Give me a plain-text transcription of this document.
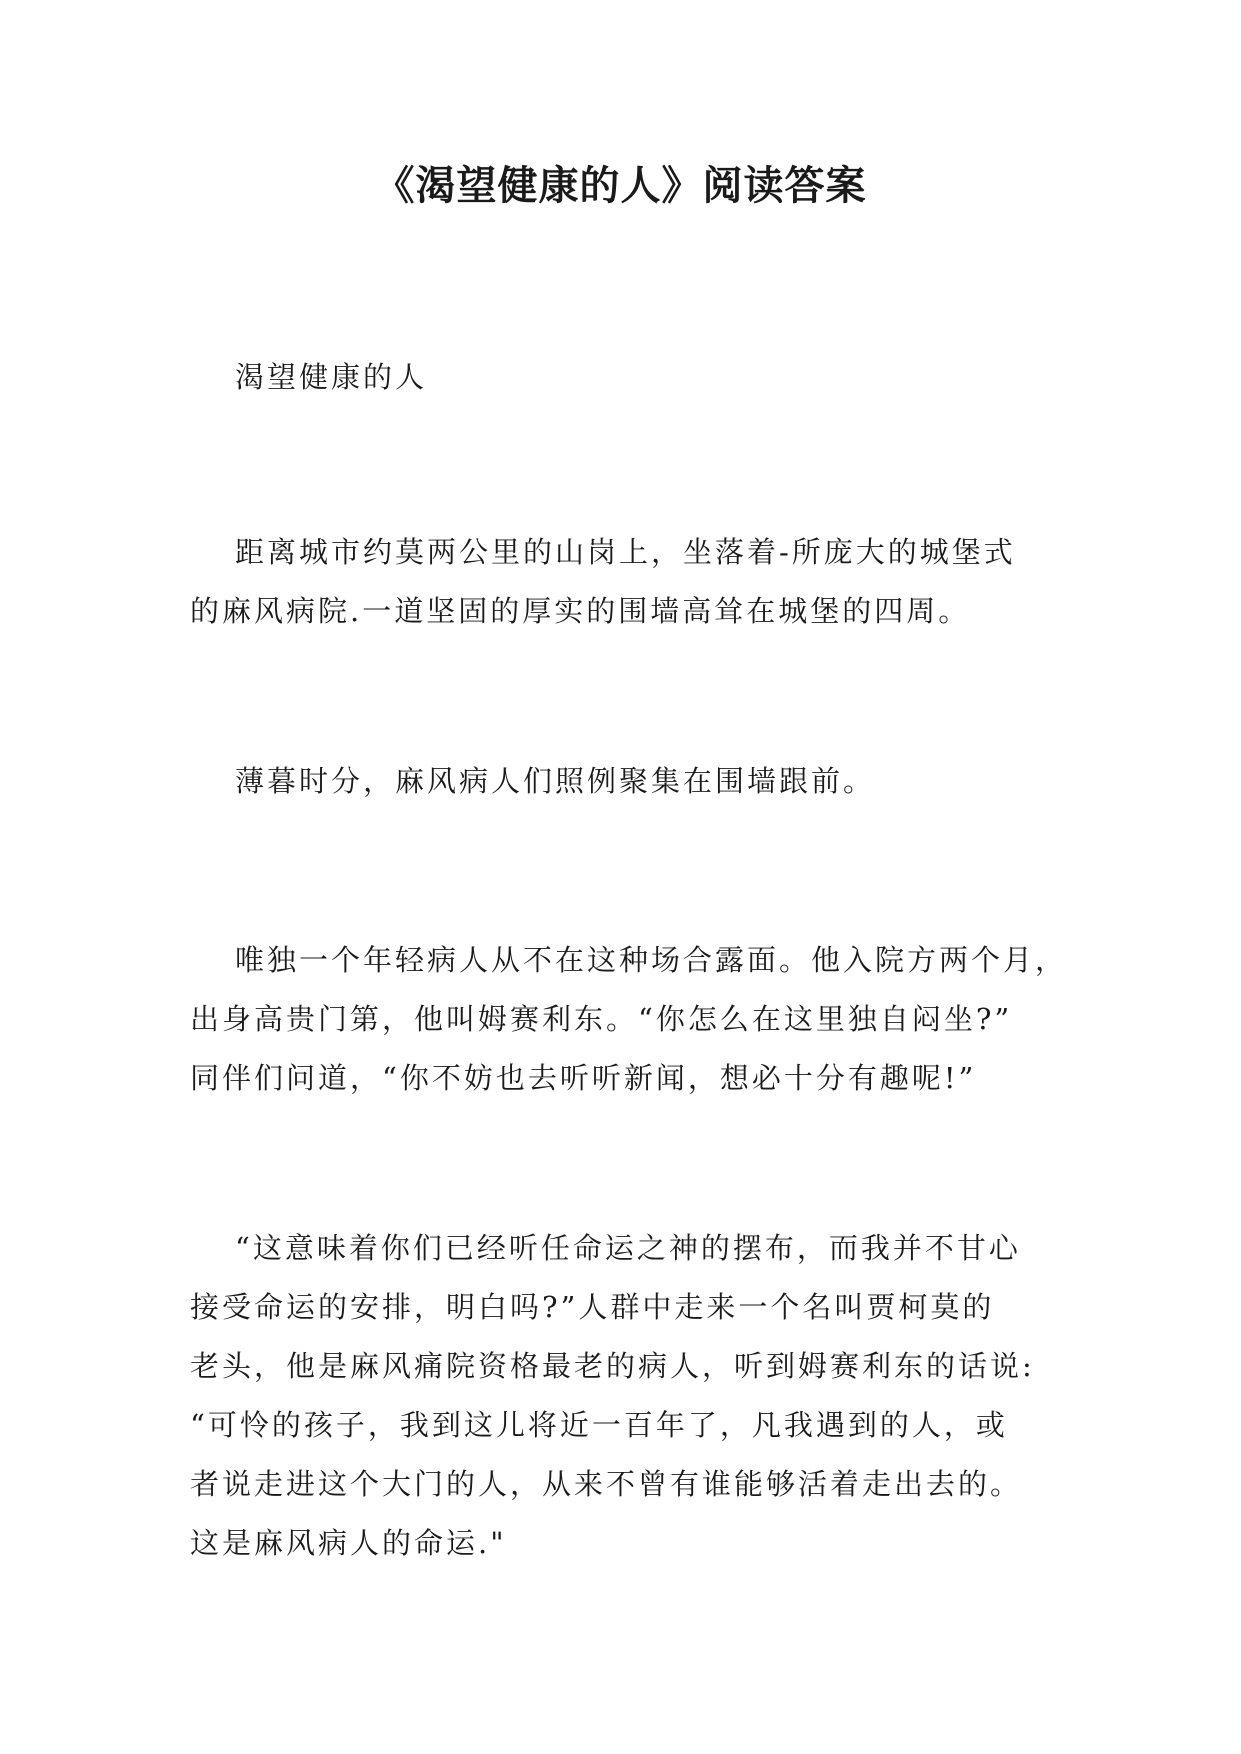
《渴望健康的人》阅读答案

渴望健康的人

距离城市约莫两公里的山岗上，坐落着-所庞大的城堡式
的麻风病院.一道坚固的厚实的围墙高耸在城堡的四周。

薄暮时分，麻风病人们照例聚集在围墙跟前。

唯独一个年轻病人从不在这种场合露面。他入院方两个月，
出身高贵门第，他叫姆赛利东。“你怎么在这里独自闷坐?”
同伴们问道，“你不妨也去听听新闻，想必十分有趣呢!”

“这意味着你们已经听任命运之神的摆布，而我并不甘心
接受命运的安排，明白吗?”人群中走来一个名叫贾柯莫的
老头，他是麻风痛院资格最老的病人，听到姆赛利东的话说:
“可怜的孩子，我到这儿将近一百年了，凡我遇到的人，或
者说走进这个大门的人，从来不曾有谁能够活着走出去的。
这是麻风病人的命运."
